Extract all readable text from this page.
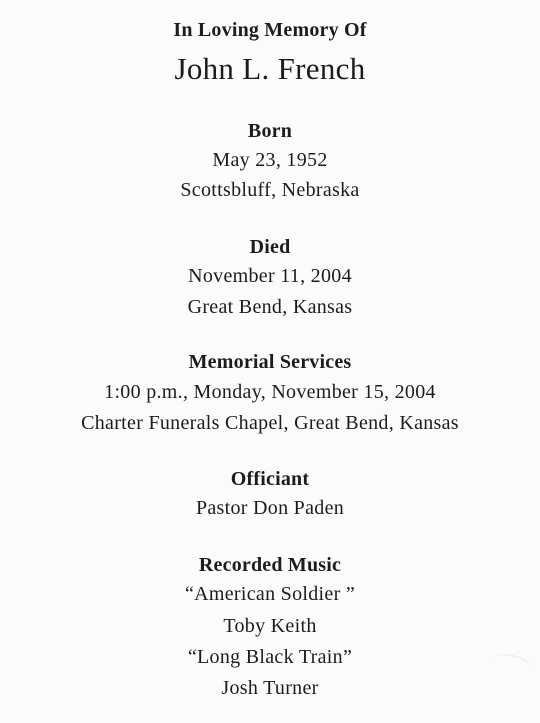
In Loving Memory Of
John L. French
Born
May 23, 1952
Scottsbluff, Nebraska
Died
November 11, 2004
Great Bend, Kansas
Memorial Services
1:00 p.m., Monday, November 15, 2004
Charter Funerals Chapel, Great Bend, Kansas
Officiant
Pastor Don Paden
Recorded Music
“American Soldier ”
Toby Keith
“Long Black Train”
Josh Turner
